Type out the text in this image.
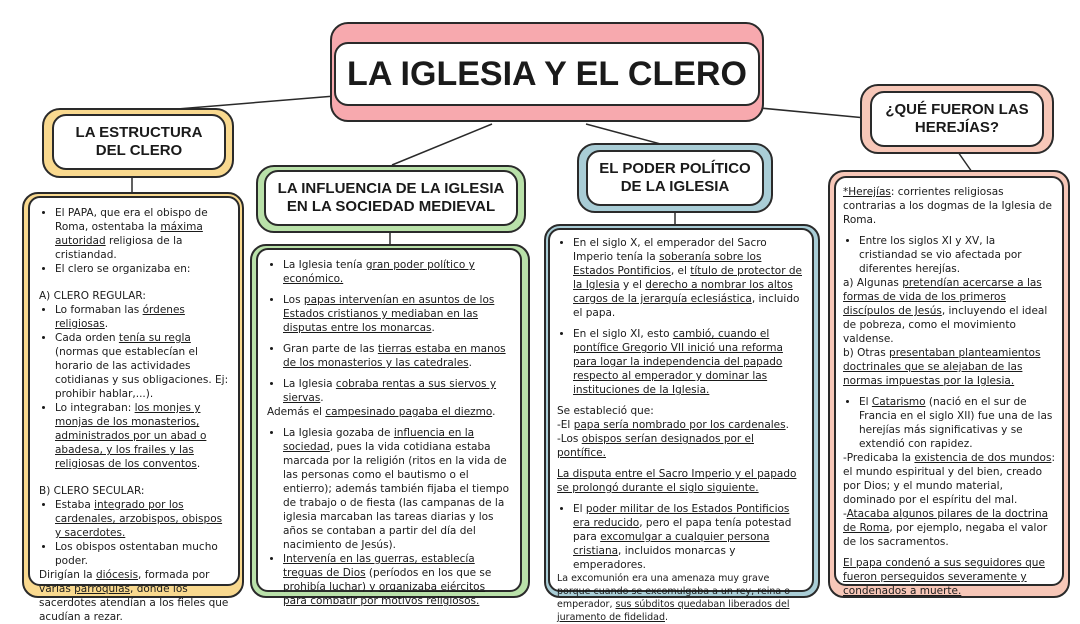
LA IGLESIA Y EL CLERO
LA ESTRUCTURA DEL CLERO
LA INFLUENCIA DE LA IGLESIA EN LA SOCIEDAD MEDIEVAL
EL PODER POLÍTICO DE LA IGLESIA
¿QUÉ FUERON LAS HEREJÍAS?
• El PAPA, que era el obispo de Roma, ostentaba la máxima autoridad religiosa de la cristiandad.
• El clero se organizaba en:

A) CLERO REGULAR:

• Lo formaban las órdenes religiosas.
• Cada orden tenía su regla (normas que establecían el horario de las actividades cotidianas y sus obligaciones. Ej: prohibir hablar,...).
• Lo integraban: los monjes y monjas de los monasterios, administrados por un abad o abadesa, y los frailes y las religiosas de los conventos.

B) CLERO SECULAR:

• Estaba integrado por los cardenales, arzobispos, obispos y sacerdotes.
• Los obispos ostentaban mucho poder.

Dirigían la diócesis, formada por varias parroquias, donde los sacerdotes atendían a los fieles que acudían a rezar.

• La Iglesia tenía gran poder político y económico.
• Los papas intervenían en asuntos de los Estados cristianos y mediaban en las disputas entre los monarcas.
• Gran parte de las tierras estaba en manos de los monasterios y las catedrales.
• La Iglesia cobraba rentas a sus siervos y siervas.

Además el campesinado pagaba el diezmo.

• La Iglesia gozaba de influencia en la sociedad, pues la vida cotidiana estaba marcada por la religión (ritos en la vida de las personas como el bautismo o el entierro); además también fijaba el tiempo de trabajo o de fiesta (las campanas de la iglesia marcaban las tareas diarias y los años se contaban a partir del día del nacimiento de Jesús).
• Intervenía en las guerras, establecía treguas de Dios (períodos en los que se prohibía luchar) y organizaba ejércitos para combatir por motivos religiosos.
• En el siglo X, el emperador del Sacro Imperio tenía la soberanía sobre los Estados Pontificios, el título de protector de la Iglesia y el derecho a nombrar los altos cargos de la jerarquía eclesiástica, incluido el papa.
• En el siglo XI, esto cambió, cuando el pontífice Gregorio VII inició una reforma para logar la independencia del papado respecto al emperador y dominar las instituciones de la Iglesia.

Se estableció que:

-El papa sería nombrado por los cardenales.

-Los obispos serían designados por el pontífice.

La disputa entre el Sacro Imperio y el papado se prolongó durante el siglo siguiente.

• El poder militar de los Estados Pontificios era reducido, pero el papa tenía potestad para excomulgar a cualquier persona cristiana, incluidos monarcas y emperadores.

La excomunión era una amenaza muy grave porque cuando se excomulgaba a un rey, reina o emperador, sus súbditos quedaban liberados del juramento de fidelidad.

*Herejías: corrientes religiosas contrarias a los dogmas de la Iglesia de Roma.

• Entre los siglos XI y XV, la cristiandad se vio afectada por diferentes herejías.

a) Algunas pretendían acercarse a las formas de vida de los primeros discípulos de Jesús, incluyendo el ideal de pobreza, como el movimiento valdense.

b) Otras presentaban planteamientos doctrinales que se alejaban de las normas impuestas por la Iglesia.

• El Catarismo (nació en el sur de Francia en el siglo XII) fue una de las herejías más significativas y se extendió con rapidez.

-Predicaba la existencia de dos mundos: el mundo espiritual y del bien, creado por Dios; y el mundo material, dominado por el espíritu del mal.

-Atacaba algunos pilares de la doctrina de Roma, por ejemplo, negaba el valor de los sacramentos.

El papa condenó a sus seguidores que fueron perseguidos severamente y condenados a muerte.
